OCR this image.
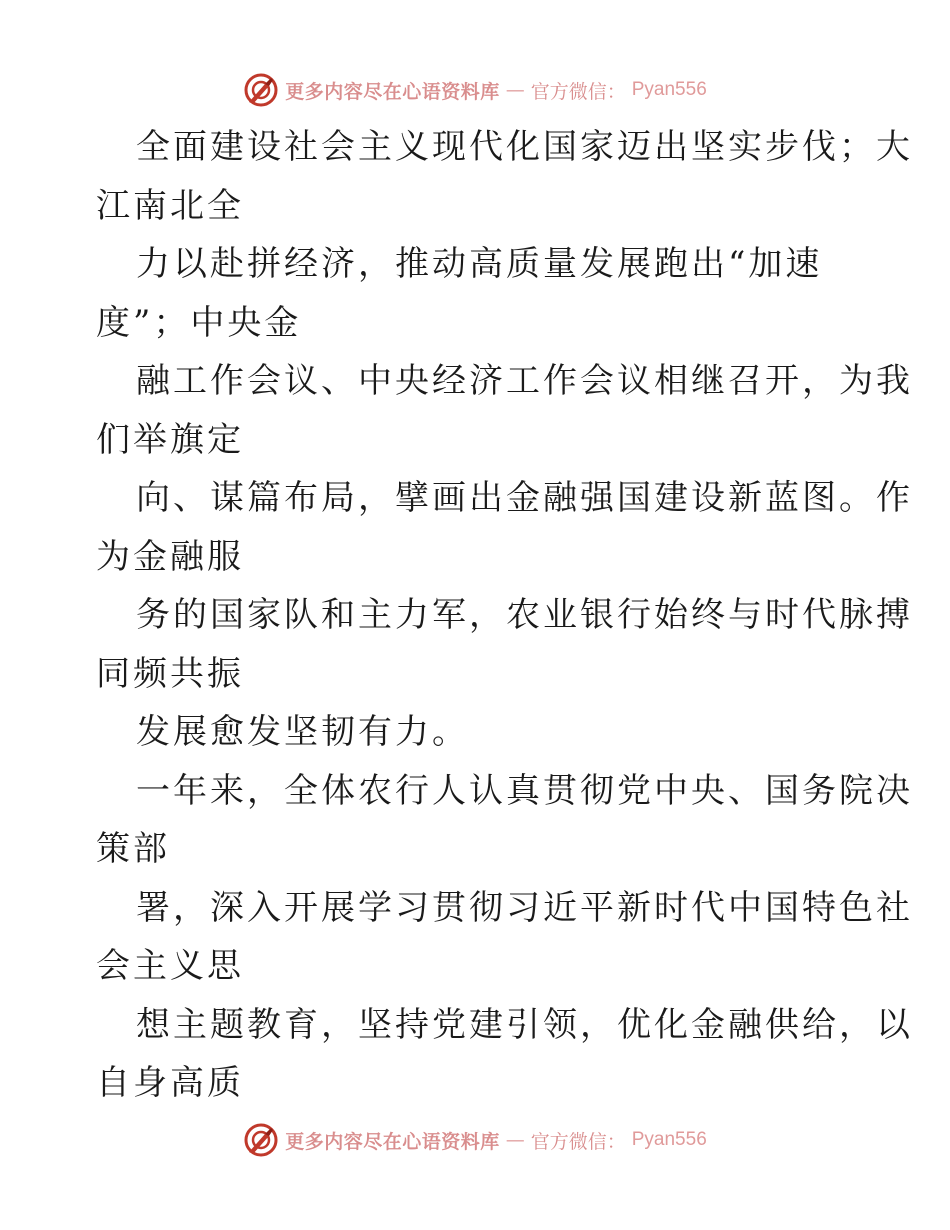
更多内容尽在心语资料库 — 官方微信： Pyan556
全面建设社会主义现代化国家迈出坚实步伐；大
江南北全
力以赴拼经济，推动高质量发展跑出“加速
度”；中央金
融工作会议、中央经济工作会议相继召开，为我
们举旗定
向、谋篇布局，擘画出金融强国建设新蓝图。作
为金融服
务的国家队和主力军，农业银行始终与时代脉搏
同频共振
发展愈发坚韧有力。
一年来，全体农行人认真贯彻党中央、国务院决
策部
署，深入开展学习贯彻习近平新时代中国特色社
会主义思
想主题教育，坚持党建引领，优化金融供给，以
自身高质
更多内容尽在心语资料库 — 官方微信： Pyan556
